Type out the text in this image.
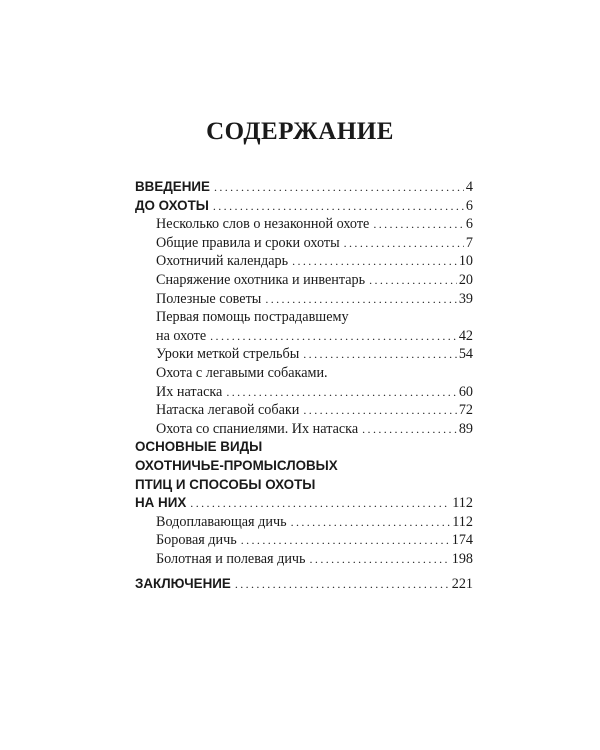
СОДЕРЖАНИЕ
ВВЕДЕНИЕ .....	4
ДО ОХОТЫ .....	6
Несколько слов о незаконной охоте .....	6
Общие правила и сроки охоты .....	7
Охотничий календарь .....	10
Снаряжение охотника и инвентарь .....	20
Полезные советы .....	39
Первая помощь пострадавшему
на охоте .....	42
Уроки меткой стрельбы .....	54
Охота с легавыми собаками.
Их натаска .....	60
Натаска легавой собаки .....	72
Охота со спаниелями. Их натаска .....	89
ОСНОВНЫЕ ВИДЫ
ОХОТНИЧЬЕ-ПРОМЫСЛОВЫХ
ПТИЦ И СПОСОБЫ ОХОТЫ
НА НИХ .....	112
Водоплавающая дичь .....	112
Боровая дичь .....	174
Болотная и полевая дичь .....	198
ЗАКЛЮЧЕНИЕ .....	221
